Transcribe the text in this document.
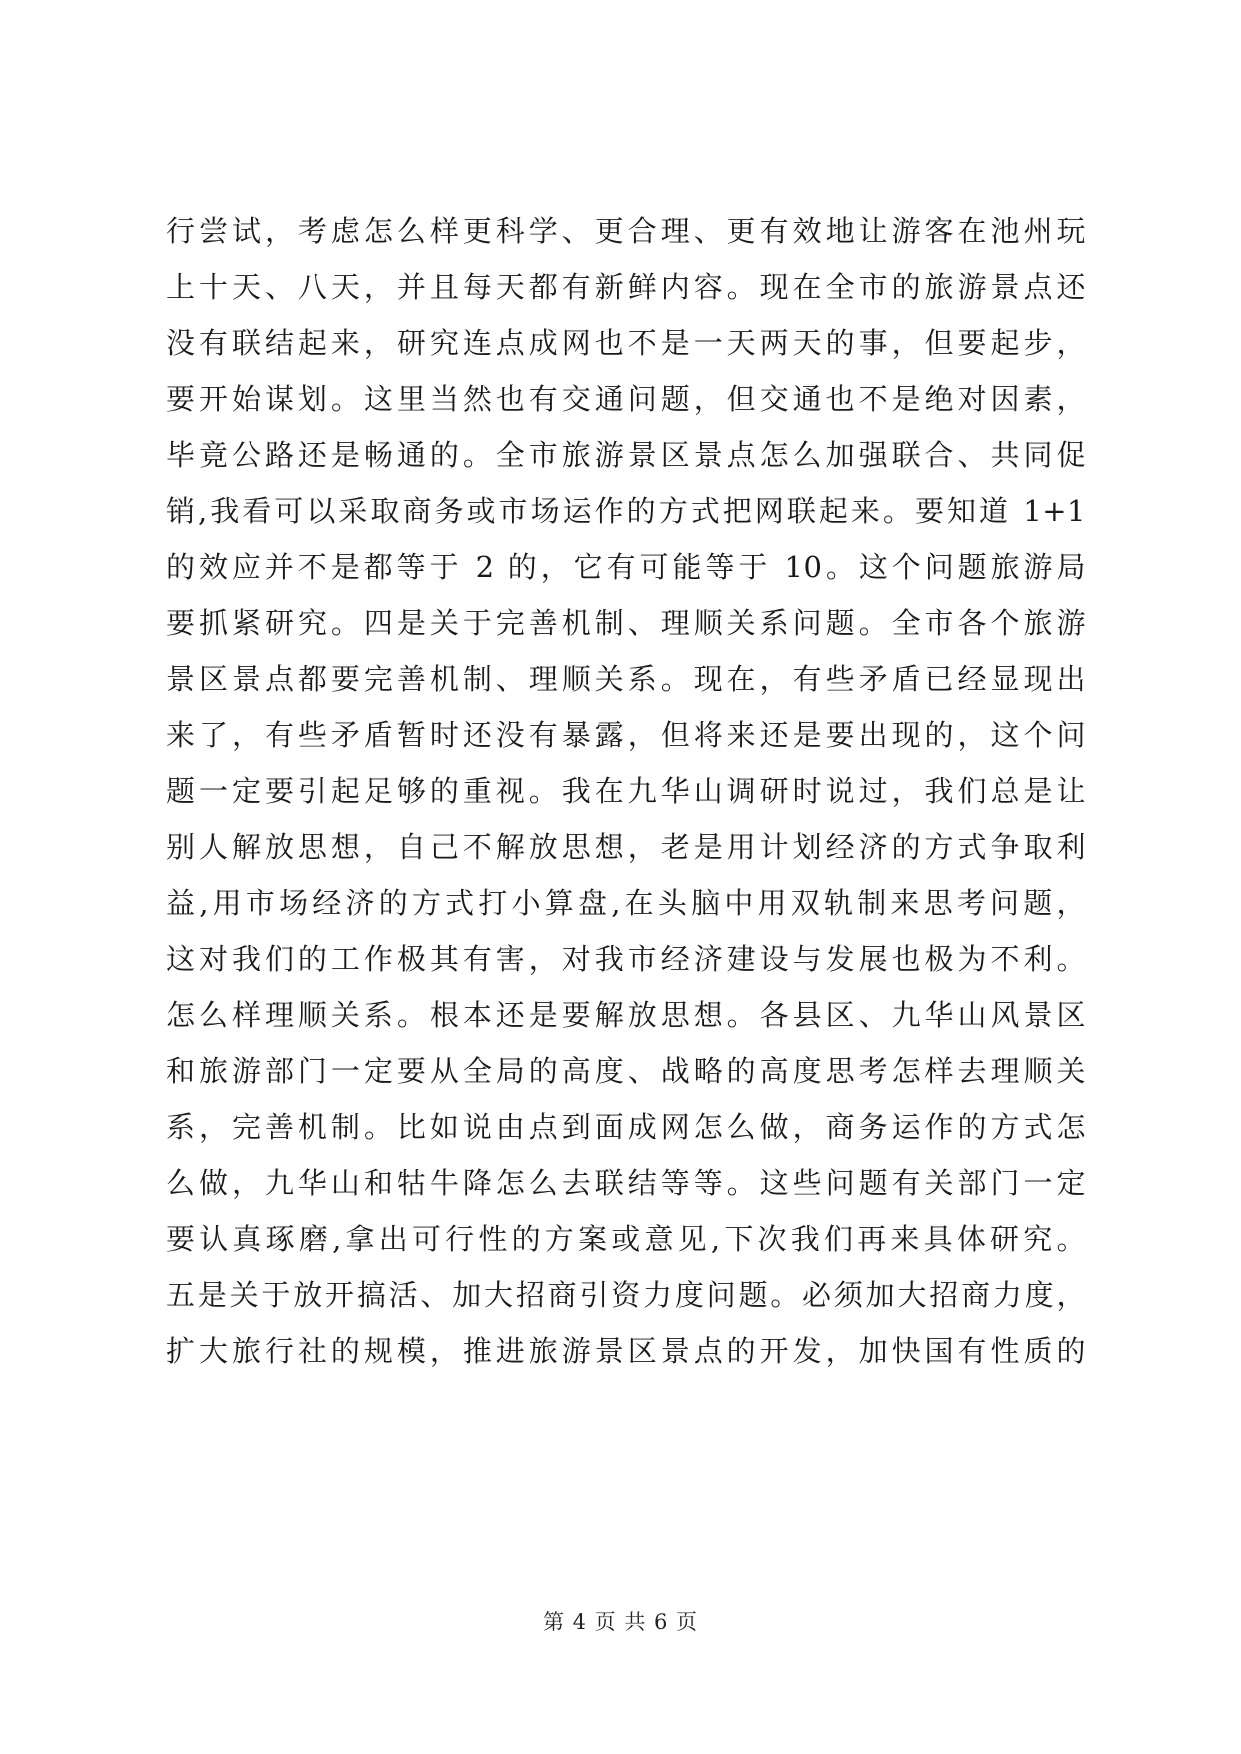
行尝试，考虑怎么样更科学、更合理、更有效地让游客在池州玩
上十天、八天，并且每天都有新鲜内容。现在全市的旅游景点还
没有联结起来，研究连点成网也不是一天两天的事，但要起步，
要开始谋划。这里当然也有交通问题，但交通也不是绝对因素，
毕竟公路还是畅通的。全市旅游景区景点怎么加强联合、共同促
销,我看可以采取商务或市场运作的方式把网联起来。要知道 1+1
的效应并不是都等于 2 的，它有可能等于 10。这个问题旅游局
要抓紧研究。四是关于完善机制、理顺关系问题。全市各个旅游
景区景点都要完善机制、理顺关系。现在，有些矛盾已经显现出
来了，有些矛盾暂时还没有暴露，但将来还是要出现的，这个问
题一定要引起足够的重视。我在九华山调研时说过，我们总是让
别人解放思想，自己不解放思想，老是用计划经济的方式争取利
益,用市场经济的方式打小算盘,在头脑中用双轨制来思考问题，
这对我们的工作极其有害，对我市经济建设与发展也极为不利。
怎么样理顺关系。根本还是要解放思想。各县区、九华山风景区
和旅游部门一定要从全局的高度、战略的高度思考怎样去理顺关
系，完善机制。比如说由点到面成网怎么做，商务运作的方式怎
么做，九华山和牯牛降怎么去联结等等。这些问题有关部门一定
要认真琢磨,拿出可行性的方案或意见,下次我们再来具体研究。
五是关于放开搞活、加大招商引资力度问题。必须加大招商力度，
扩大旅行社的规模，推进旅游景区景点的开发，加快国有性质的
第 4 页 共 6 页
